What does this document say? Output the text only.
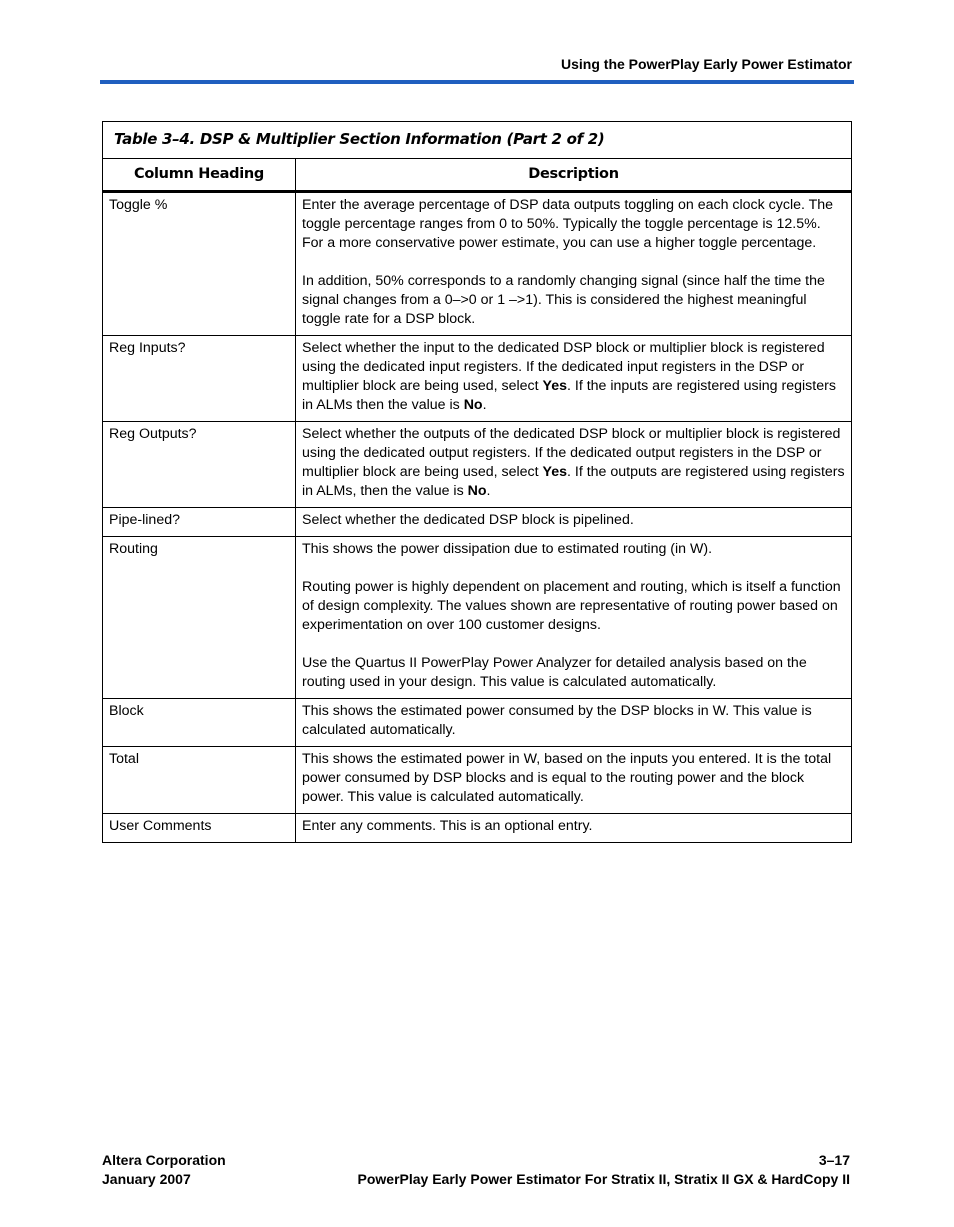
Using the PowerPlay Early Power Estimator
Table 3–4. DSP & Multiplier Section Information (Part 2 of 2)	
Column Heading	Description
Toggle %	Enter the average percentage of DSP data outputs toggling on each clock cycle. The toggle percentage ranges from 0 to 50%. Typically the toggle percentage is 12.5%. For a more conservative power estimate, you can use a higher toggle percentage.

In addition, 50% corresponds to a randomly changing signal (since half the time the signal changes from a 0–>0 or 1 –>1). This is considered the highest meaningful toggle rate for a DSP block.

Reg Inputs?	Select whether the input to the dedicated DSP block or multiplier block is registered using the dedicated input registers. If the dedicated input registers in the DSP or multiplier block are being used, select Yes. If the inputs are registered using registers in ALMs then the value is No.

Reg Outputs?	Select whether the outputs of the dedicated DSP block or multiplier block is registered using the dedicated output registers. If the dedicated output registers in the DSP or multiplier block are being used, select Yes. If the outputs are registered using registers in ALMs, then the value is No.

Pipe-lined?	Select whether the dedicated DSP block is pipelined.

Routing	This shows the power dissipation due to estimated routing (in W).

Routing power is highly dependent on placement and routing, which is itself a function of design complexity. The values shown are representative of routing power based on experimentation on over 100 customer designs.

Use the Quartus II PowerPlay Power Analyzer for detailed analysis based on the routing used in your design. This value is calculated automatically.

Block	This shows the estimated power consumed by the DSP blocks in W. This value is calculated automatically.

Total	This shows the estimated power in W, based on the inputs you entered. It is the total power consumed by DSP blocks and is equal to the routing power and the block power. This value is calculated automatically.

User Comments	Enter any comments. This is an optional entry.

Altera Corporation
January 2007
3–17
PowerPlay Early Power Estimator For Stratix II, Stratix II GX & HardCopy II
